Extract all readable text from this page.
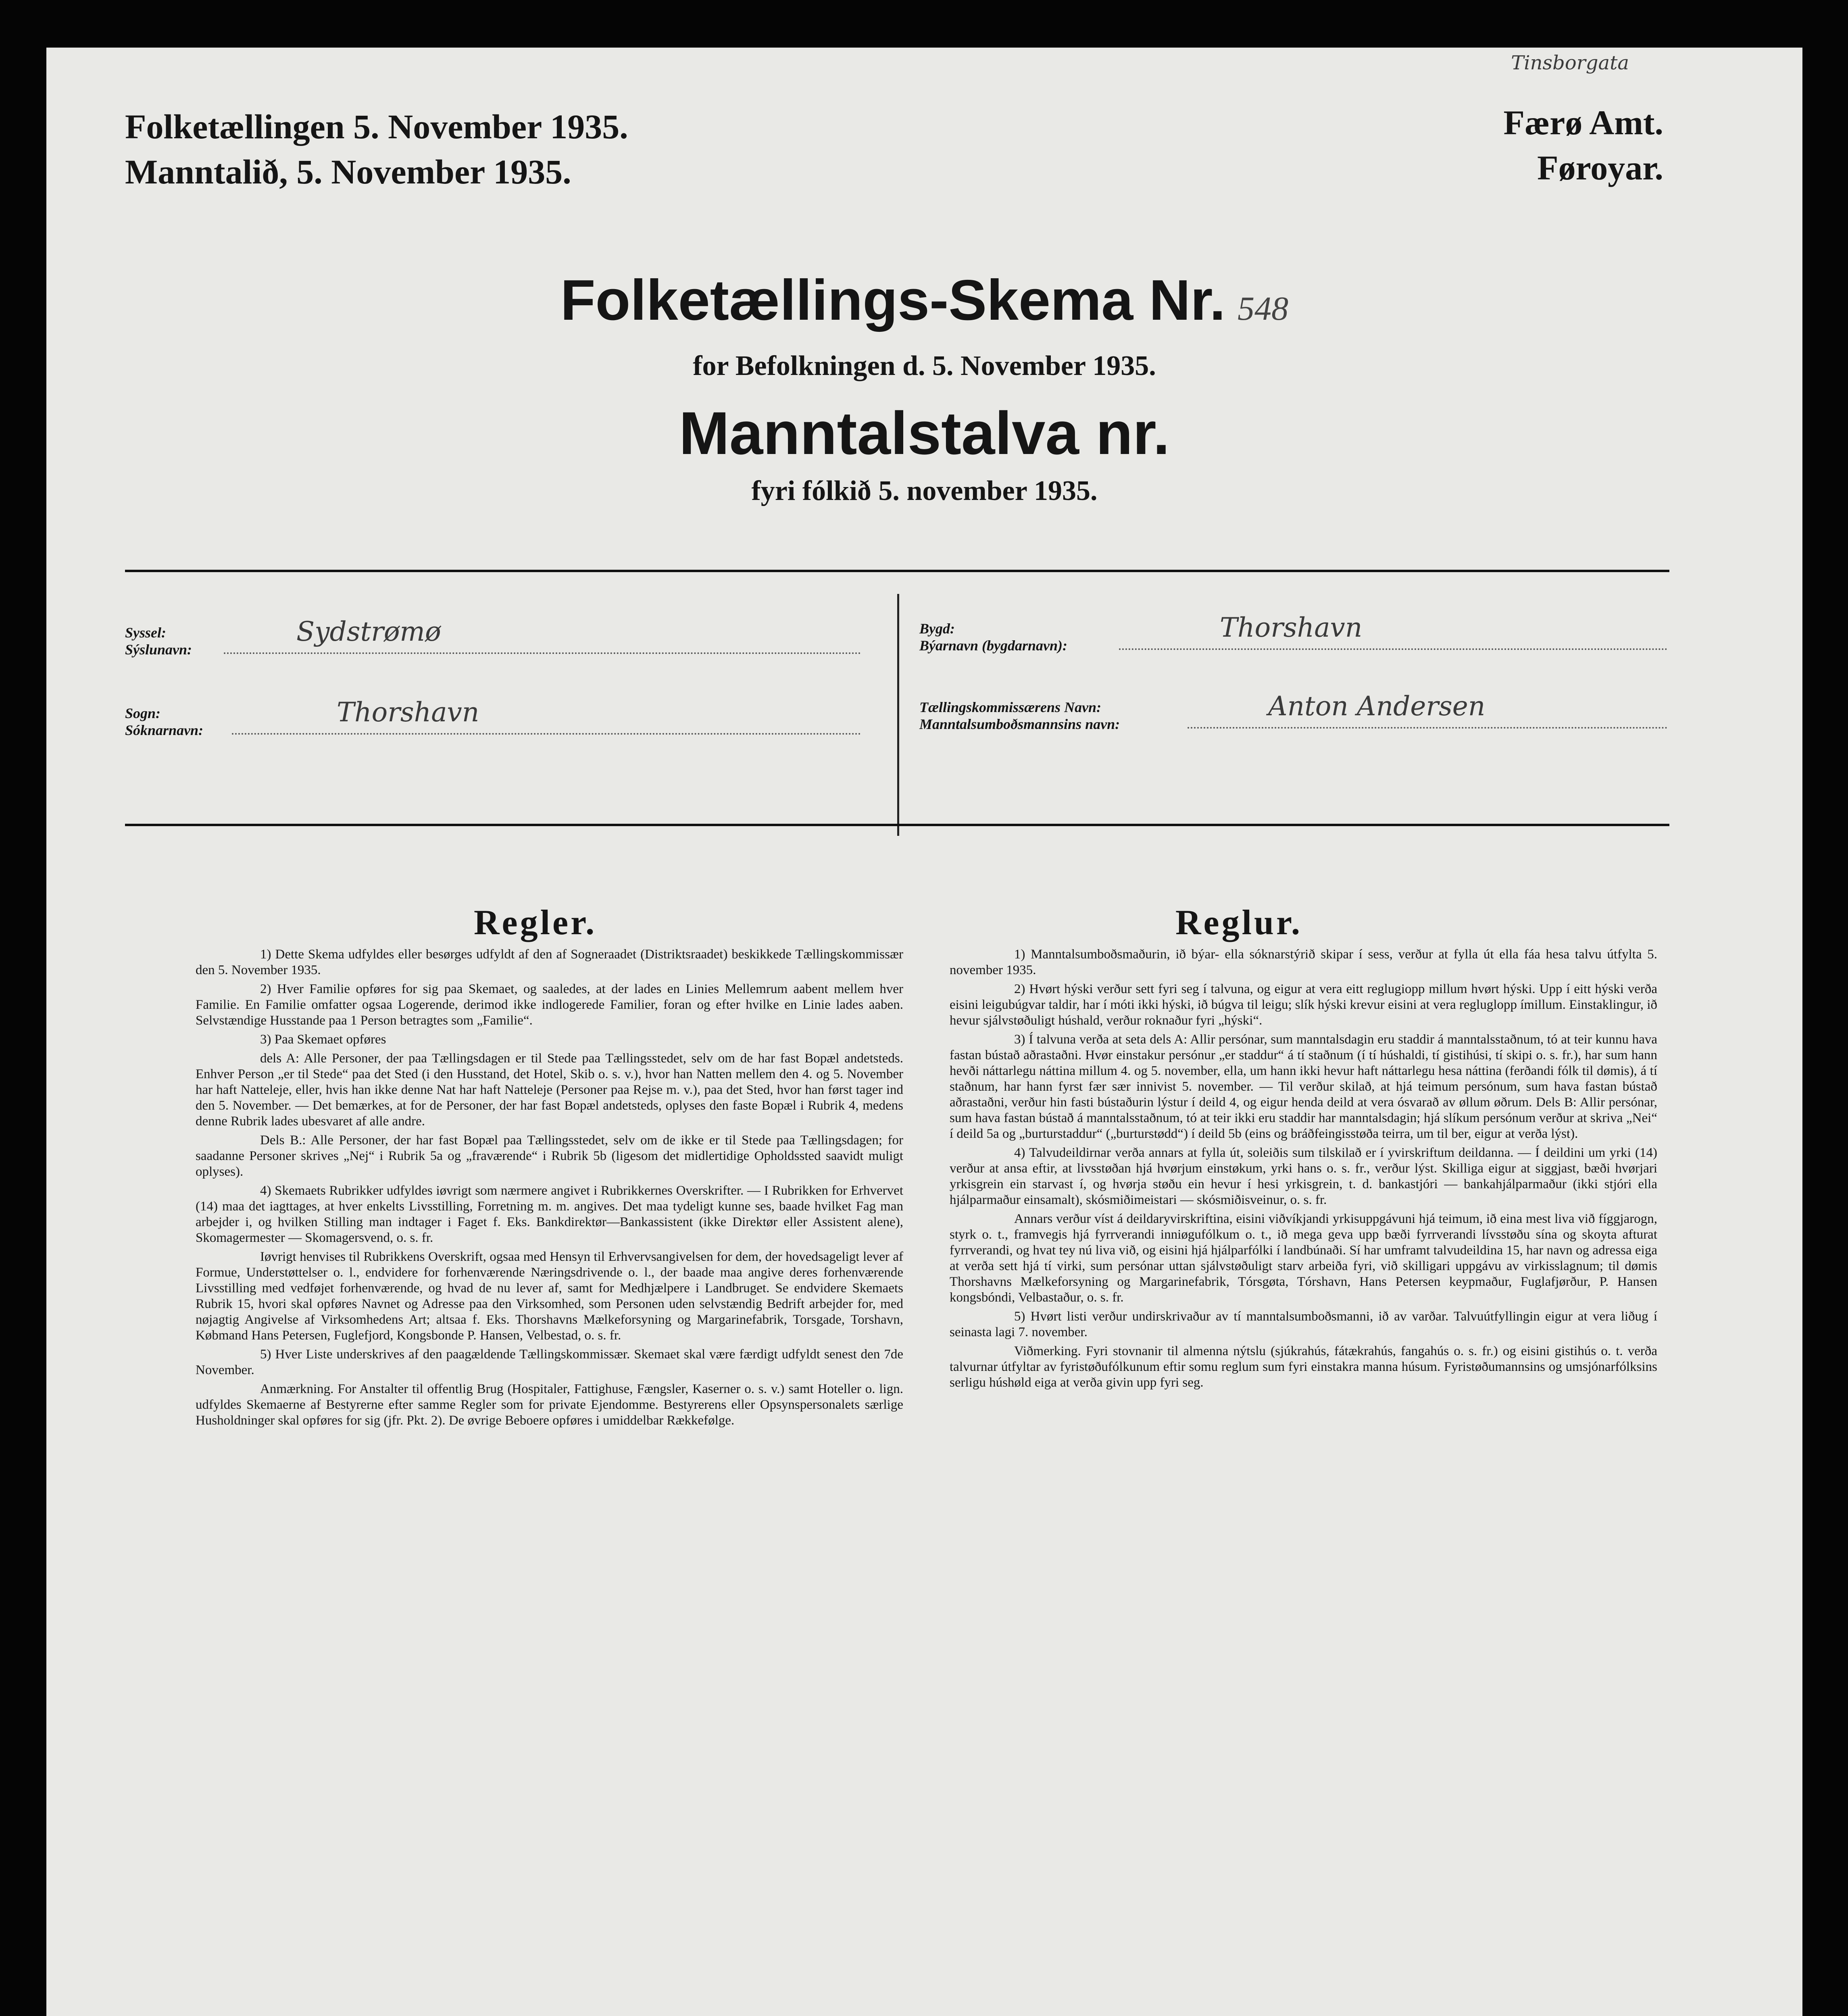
Tinsborgata
Folketællingen 5. November 1935.
Manntalið, 5. November 1935.
Færø Amt.
Føroyar.
Folketællings-Skema Nr. 548
for Befolkningen d. 5. November 1935.
Manntalstalva nr.
fyri fólkið 5. november 1935.
Syssel:
Sýslunavn:
Sydstrømø
Sogn:
Sóknarnavn:
Thorshavn
Bygd:
Býarnavn (bygdarnavn):
Thorshavn
Tællingskommissærens Navn:
Manntalsumboðsmannsins navn:
Anton Andersen
Regler.	Reglur.

1) Dette Skema udfyldes eller besørges udfyldt af den af Sogneraadet (Distriktsraadet) beskikkede Tællingskommissær den 5. November 1935.

2) Hver Familie opføres for sig paa Skemaet, og saaledes, at der lades en Linies Mellemrum aabent mellem hver Familie. En Familie omfatter ogsaa Logerende, derimod ikke indlogerede Familier, foran og efter hvilke en Linie lades aaben. Selvstændige Husstande paa 1 Person betragtes som „Familie“.

3) Paa Skemaet opføres

dels A: Alle Personer, der paa Tællingsdagen er til Stede paa Tællingsstedet, selv om de har fast Bopæl andetsteds. Enhver Person „er til Stede“ paa det Sted (i den Husstand, det Hotel, Skib o. s. v.), hvor han Natten mellem den 4. og 5. November har haft Natteleje, eller, hvis han ikke denne Nat har haft Natteleje (Personer paa Rejse m. v.), paa det Sted, hvor han først tager ind den 5. November. — Det bemærkes, at for de Personer, der har fast Bopæl andetsteds, oplyses den faste Bopæl i Rubrik 4, medens denne Rubrik lades ubesvaret af alle andre.

Dels B.: Alle Personer, der har fast Bopæl paa Tællingsstedet, selv om de ikke er til Stede paa Tællingsdagen; for saadanne Personer skrives „Nej“ i Rubrik 5a og „fraværende“ i Rubrik 5b (ligesom det midlertidige Opholdssted saavidt muligt oplyses).

4) Skemaets Rubrikker udfyldes iøvrigt som nærmere angivet i Rubrikkernes Overskrifter. — I Rubrikken for Erhvervet (14) maa det iagttages, at hver enkelts Livsstilling, Forretning m. m. angives. Det maa tydeligt kunne ses, baade hvilket Fag man arbejder i, og hvilken Stilling man indtager i Faget f. Eks. Bankdirektør—Bankassistent (ikke Direktør eller Assistent alene), Skomagermester — Skomagersvend, o. s. fr.

Iøvrigt henvises til Rubrikkens Overskrift, ogsaa med Hensyn til Erhvervsangivelsen for dem, der hovedsageligt lever af Formue, Understøttelser o. l., endvidere for forhenværende Næringsdrivende o. l., der baade maa angive deres forhenværende Livsstilling med vedføjet forhenværende, og hvad de nu lever af, samt for Medhjælpere i Landbruget. Se endvidere Skemaets Rubrik 15, hvori skal opføres Navnet og Adresse paa den Virksomhed, som Personen uden selvstændig Bedrift arbejder for, med nøjagtig Angivelse af Virksomhedens Art; altsaa f. Eks. Thorshavns Mælkeforsyning og Margarinefabrik, Torsgade, Torshavn, Købmand Hans Petersen, Fuglefjord, Kongsbonde P. Hansen, Velbestad, o. s. fr.

5) Hver Liste underskrives af den paagældende Tællingskommissær. Skemaet skal være færdigt udfyldt senest den 7de November.

Anmærkning. For Anstalter til offentlig Brug (Hospitaler, Fattighuse, Fængsler, Kaserner o. s. v.) samt Hoteller o. lign. udfyldes Skemaerne af Bestyrerne efter samme Regler som for private Ejendomme. Bestyrerens eller Opsynspersonalets særlige Husholdninger skal opføres for sig (jfr. Pkt. 2). De øvrige Beboere opføres i umiddelbar Rækkefølge.

1) Manntalsumboðsmaðurin, ið býar- ella sóknarstýrið skipar í sess, verður at fylla út ella fáa hesa talvu útfylta 5. november 1935.

2) Hvørt hýski verður sett fyri seg í talvuna, og eigur at vera eitt reglugiopp millum hvørt hýski. Upp í eitt hýski verða eisini leigubúgvar taldir, har í móti ikki hýski, ið búgva til leigu; slík hýski krevur eisini at vera regluglopp ímillum. Einstaklingur, ið hevur sjálvstøðuligt húshald, verður roknaður fyri „hýski“.

3) Í talvuna verða at seta dels A: Allir persónar, sum manntalsdagin eru staddir á manntalsstaðnum, tó at teir kunnu hava fastan bústað aðrastaðni. Hvør einstakur persónur „er staddur“ á tí staðnum (í tí húshaldi, tí gistihúsi, tí skipi o. s. fr.), har sum hann hevði náttarlegu náttina millum 4. og 5. november, ella, um hann ikki hevur haft náttarlegu hesa náttina (ferðandi fólk til dømis), á tí staðnum, har hann fyrst fær sær innivist 5. november. — Til verður skilað, at hjá teimum persónum, sum hava fastan bústað aðrastaðni, verður hin fasti bústaðurin lýstur í deild 4, og eigur henda deild at vera ósvarað av øllum øðrum. Dels B: Allir persónar, sum hava fastan bústað á manntalsstaðnum, tó at teir ikki eru staddir har manntalsdagin; hjá slíkum persónum verður at skriva „Nei“ í deild 5a og „burturstaddur“ („burturstødd“) í deild 5b (eins og bráðfeingisstøða teirra, um til ber, eigur at verða lýst).

4) Talvudeildirnar verða annars at fylla út, soleiðis sum tilskilað er í yvirskriftum deildanna. — Í deildini um yrki (14) verður at ansa eftir, at livsstøðan hjá hvørjum einstøkum, yrki hans o. s. fr., verður lýst. Skilliga eigur at siggjast, bæði hvørjari yrkisgrein ein starvast í, og hvørja støðu ein hevur í hesi yrkisgrein, t. d. bankastjóri — bankahjálparmaður (ikki stjóri ella hjálparmaður einsamalt), skósmiðimeistari — skósmiðisveinur, o. s. fr.

Annars verður víst á deildaryvirskriftina, eisini viðvíkjandi yrkisuppgávuni hjá teimum, ið eina mest liva við fíggjarogn, styrk o. t., framvegis hjá fyrrverandi inniøgufólkum o. t., ið mega geva upp bæði fyrrverandi lívsstøðu sína og skoyta afturat fyrrverandi, og hvat tey nú liva við, og eisini hjá hjálparfólki í landbúnaði. Sí har umframt talvudeildina 15, har navn og adressa eiga at verða sett hjá tí virki, sum persónar uttan sjálvstøðuligt starv arbeiða fyri, við skilligari uppgávu av virkisslagnum; til dømis Thorshavns Mælkeforsyning og Margarinefabrik, Tórsgøta, Tórshavn, Hans Petersen keypmaður, Fuglafjørður, P. Hansen kongsbóndi, Velbastaður, o. s. fr.

5) Hvørt listi verður undirskrivaður av tí manntalsumboðsmanni, ið av varðar. Talvuútfyllingin eigur at vera liðug í seinasta lagi 7. november.

Viðmerking. Fyri stovnanir til almenna nýtslu (sjúkrahús, fátækrahús, fangahús o. s. fr.) og eisini gistihús o. t. verða talvurnar útfyltar av fyristøðufólkunum eftir somu reglum sum fyri einstakra manna húsum. Fyristøðumannsins og umsjónarfólksins serligu húshøld eiga at verða givin upp fyri seg.
